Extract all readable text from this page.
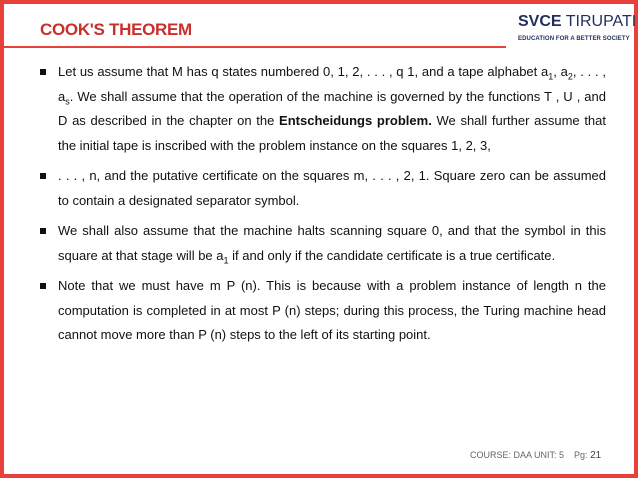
COOK'S THEOREM	SVCE TIRUPATI
EDUCATION FOR A BETTER SOCIETY
Let us assume that M has q states numbered 0, 1, 2, . . . , q 1, and a tape alphabet $a_1$, $a_2$, . . . , $a_s$. We shall assume that the operation of the machine is governed by the functions T , U , and D as described in the chapter on the Entscheidungs problem. We shall further assume that the initial tape is inscribed with the problem instance on the squares 1, 2, 3,
. . . , n, and the putative certificate on the squares m, . . . , 2, 1. Square zero can be assumed to contain a designated separator symbol.
We shall also assume that the machine halts scanning square 0, and that the symbol in this square at that stage will be $a_1$ if and only if the candidate certificate is a true certificate.
Note that we must have m P (n). This is because with a problem instance of length n the computation is completed in at most P (n) steps; during this process, the Turing machine head cannot move more than P (n) steps to the left of its starting point.
COURSE: DAA UNIT: 5 Pg: 21
